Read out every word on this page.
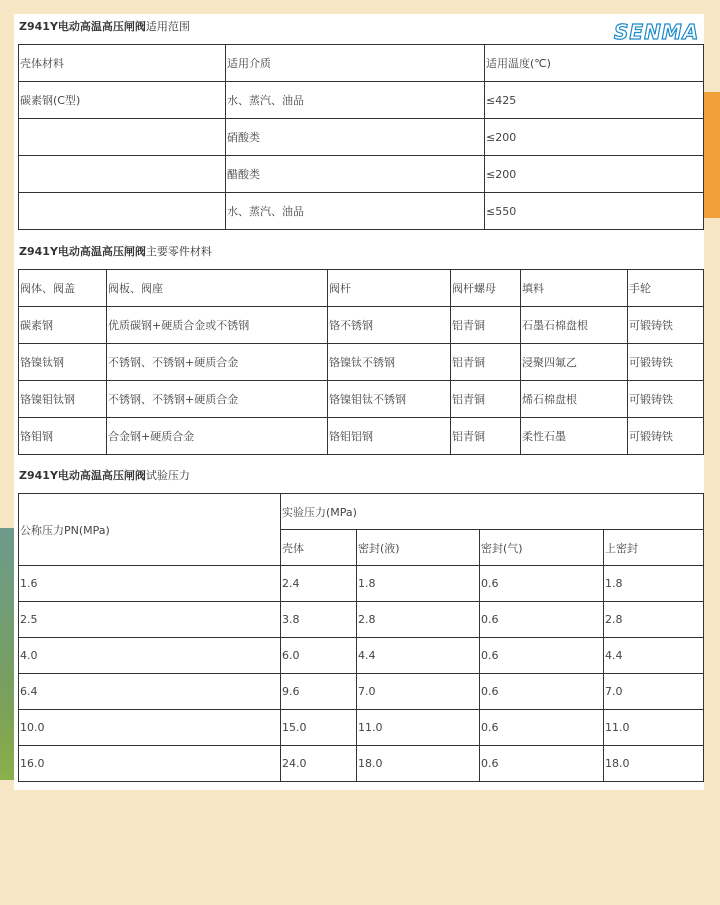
Z941Y电动高温高压闸阀适用范围	SENMA
壳体材料	适用介质	适用温度(℃)
碳素钢(C型)	水、蒸汽、油品	≤425
	硝酸类	≤200
	醋酸类	≤200
	水、蒸汽、油品	≤550
Z941Y电动高温高压闸阀主要零件材料
阀体、阀盖	阀板、阀座	阀杆	阀杆螺母	填料	手轮
碳素钢	优质碳钢+硬质合金或不锈钢	铬不锈钢	铝青铜	石墨石棉盘根	可锻铸铁
铬镍钛钢	不锈钢、不锈钢+硬质合金	铬镍钛不锈钢	铝青铜	浸聚四氟乙	可锻铸铁
铬镍钼钛钢	不锈钢、不锈钢+硬质合金	铬镍钼钛不锈钢	铝青铜	烯石棉盘根	可锻铸铁
铬钼钢	合金钢+硬质合金	铬钼铝钢	铝青铜	柔性石墨	可锻铸铁
Z941Y电动高温高压闸阀试验压力
公称压力PN(MPa)	实验压力(MPa)			
	壳体	密封(液)	密封(气)	上密封
1.6	2.4	1.8	0.6	1.8
2.5	3.8	2.8	0.6	2.8
4.0	6.0	4.4	0.6	4.4
6.4	9.6	7.0	0.6	7.0
10.0	15.0	11.0	0.6	11.0
16.0	24.0	18.0	0.6	18.0
